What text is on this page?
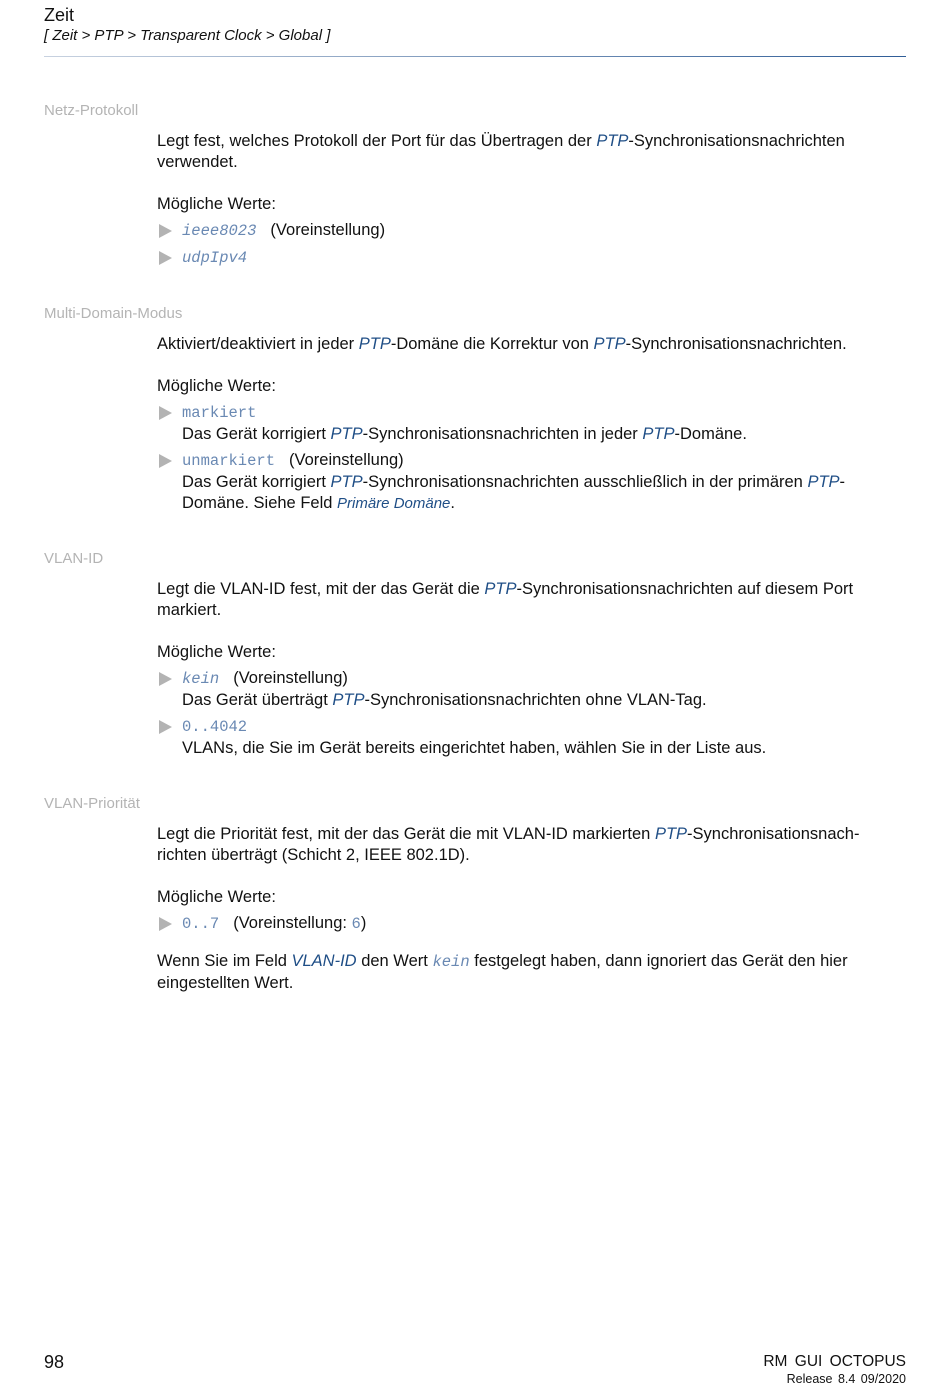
Zeit
[ Zeit > PTP > Transparent Clock > Global ]
Netz-Protokoll

Legt fest, welches Protokoll der Port für das Übertragen der PTP-Synchronisationsnachrichten verwendet.

Mögliche Werte:

ieee8023 (Voreinstellung)
udpIpv4
Multi-Domain-Modus

Aktiviert/deaktiviert in jeder PTP-Domäne die Korrektur von PTP-Synchronisationsnachrichten.

Mögliche Werte:

markiert
Das Gerät korrigiert PTP-Synchronisationsnachrichten in jeder PTP-Domäne.
unmarkiert (Voreinstellung)
Das Gerät korrigiert PTP-Synchronisationsnachrichten ausschließlich in der primären PTP-Domäne. Siehe Feld Primäre Domäne.
VLAN-ID

Legt die VLAN-ID fest, mit der das Gerät die PTP-Synchronisationsnachrichten auf diesem Port markiert.

Mögliche Werte:

kein (Voreinstellung)
Das Gerät überträgt PTP-Synchronisationsnachrichten ohne VLAN-Tag.
0..4042
VLANs, die Sie im Gerät bereits eingerichtet haben, wählen Sie in der Liste aus.
VLAN-Priorität

Legt die Priorität fest, mit der das Gerät die mit VLAN-ID markierten PTP-Synchronisationsnach-
richten überträgt (Schicht 2, IEEE 802.1D).

Mögliche Werte:

0..7 (Voreinstellung: 6)

Wenn Sie im Feld VLAN-ID den Wert kein festgelegt haben, dann ignoriert das Gerät den hier eingestellten Wert.

98	RM GUI OCTOPUS
Release 8.4 09/2020
